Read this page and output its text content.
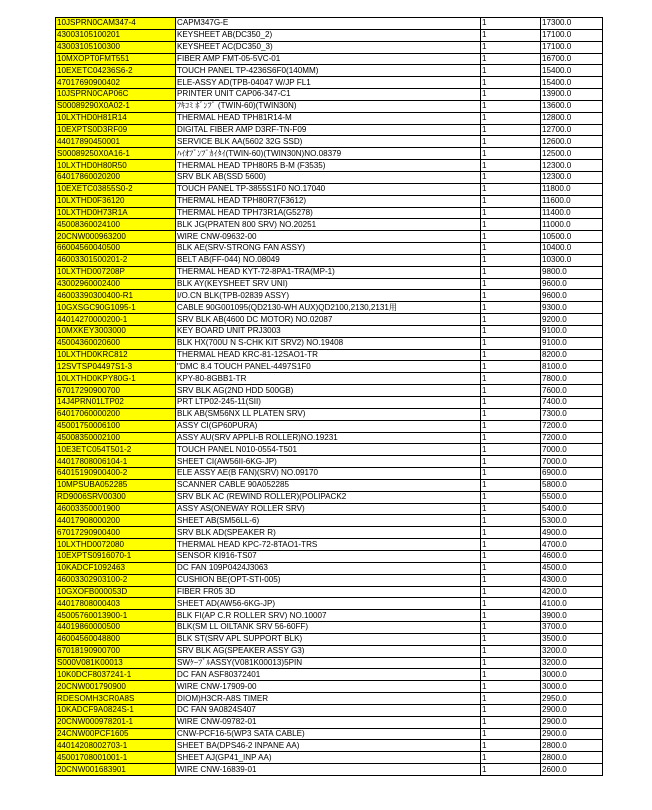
10JSPRN0CAM347-4	CAPM347G-E	1	17300.0
43003105100201	KEYSHEET AB(DC350_2)	1	17100.0
43003105100300	KEYSHEET AC(DC350_3)	1	17100.0
10MXOPT0FMT551	FIBER AMP FMT-05-5VC-01	1	16700.0
10EXETC04236S6-2	TOUCH PANEL TP-4236S6F0(140MM)	1	15400.0
47017690900402	ELE-ASSY AD(TPB-04047 W/JP FL1	1	15400.0
10JSPRN0CAP06C	PRINTER UNIT CAP06-347-C1	1	13900.0
S00089290X0A02-1	ﾌｷｺﾐ ﾎﾞﾝﾌﾟ (TWIN-60)(TWIN30N)	1	13600.0
10LXTHD0H81R14	THERMAL HEAD TPH81R14-M	1	12800.0
10EXPTS0D3RF09	DIGITAL FIBER AMP D3RF-TN-F09	1	12700.0
44017890450001	SERVICE BLK AA(5602 32G SSD)	1	12600.0
S00089250X0A16-1	ﾊｲｵﾌﾞﾝﾌﾟｶｲﾀｲ(TWIN-60)(TWIN30N)NO.08379	1	12500.0
10LXTHD0H80R50	THERMAL HEAD TPH80R5 B-M (F3535)	1	12300.0
64017860020200	SRV BLK AB(SSD 5600)	1	12300.0
10EXETC03855S0-2	TOUCH PANEL TP-3855S1F0 NO.17040	1	11800.0
10LXTHD0F36120	THERMAL HEAD TPH80R7(F3612)	1	11600.0
10LXTHD0H73R1A	THERMAL HEAD TPH73R1A(G5278)	1	11400.0
45008360024100	BLK JG(PRATEN 800 SRV) NO.20251	1	11000.0
20CNW000963200	WIRE CNW-09632-00	1	10500.0
66004560040500	BLK AE(SRV-STRONG FAN ASSY)	1	10400.0
46003301500201-2	BELT AB(FF-044) NO.08049	1	10300.0
10LXTHD007208P	THERMAL HEAD KYT-72-8PA1-TRA(MP-1)	1	9800.0
43002960002400	BLK AY(KEYSHEET SRV UNI)	1	9600.0
46003390300400-R1	I/O.CN BLK(TPB-02839 ASSY)	1	9600.0
10GXSGC90G1095-1	CABLE 90G001095(QD2130-WH AUX)QD2100,2130,2131用	1	9300.0
44014270000200-1	SRV BLK AB(4600 DC MOTOR) NO.02087	1	9200.0
10MXKEY3003000	KEY BOARD UNIT PRJ3003	1	9100.0
45004360020600	BLK HX(700U N S-CHK KIT SRV2) NO.19408	1	9100.0
10LXTHD0KRC812	THERMAL HEAD KRC-81-12SAO1-TR	1	8200.0
12SVTSP04497S1-3	"DMC 8.4 TOUCH PANEL-4497S1F0	1	8100.0
10LXTHD0KPY80G-1	KPY-80-8GBB1-TR	1	7800.0
67017290900700	SRV BLK AG(2ND HDD 500GB)	1	7600.0
14J4PRN01LTP02	PRT LTP02-245-11(SII)	1	7400.0
64017060000200	BLK AB(SM56NX LL PLATEN SRV)	1	7300.0
45001750006100	ASSY CI(GP60PURA)	1	7200.0
45008350002100	ASSY AU(SRV APPLI-B ROLLER)NO.19231	1	7200.0
10E3ETC054T501-2	TOUCH PANEL N010-0554-T501	1	7000.0
44017808006104-1	SHEET CI(AW56II-6KG-JP)	1	7000.0
64015190900400-2	ELE ASSY AE(B FAN)(SRV) NO.09170	1	6900.0
10MPSUBA052285	SCANNER CABLE 90A052285	1	5800.0
RD9006SRV00300	SRV BLK AC (REWIND ROLLER)(POLIPACK2	1	5500.0
46003350001900	ASSY AS(ONEWAY ROLLER SRV)	1	5400.0
44017908000200	SHEET AB(SM56LL-6)	1	5300.0
67017290900400	SRV BLK AD(SPEAKER R)	1	4900.0
10LXTHD0072080	THERMAL HEAD KPC-72-8TAO1-TRS	1	4700.0
10EXPTS0916070-1	SENSOR KI916-TS07	1	4600.0
10KADCF1092463	DC FAN 109P0424J3063	1	4500.0
46003302903100-2	CUSHION BE(OPT-STI-005)	1	4300.0
10GXOFB000053D	FIBER FR05 3D	1	4200.0
44017808000403	SHEET AD(AW56-6KG-JP)	1	4100.0
45005760013900-1	BLK FI(AP C.R ROLLER SRV) NO.10007	1	3900.0
44019860000500	BLK(SM LL OILTANK SRV 56-60FF)	1	3700.0
46004560048800	BLK ST(SRV APL SUPPORT BLK)	1	3500.0
67018190900700	SRV BLK AG(SPEAKER ASSY G3)	1	3200.0
S000V081K00013	SWｹｰﾌﾞﾙASSY(V081K00013)5PIN	1	3200.0
10K0DCF8037241-1	DC FAN ASF80372401	1	3000.0
20CNW001790900	WIRE CNW-17909-00	1	3000.0
RDESOMH3CR0A8S	DIOM)H3CR-A8S TIMER	1	2950.0
10KADCF9A0824S-1	DC FAN 9A0824S407	1	2900.0
20CNW000978201-1	WIRE CNW-09782-01	1	2900.0
24CNW00PCF1605	CNW-PCF16-5(WP3 SATA CABLE)	1	2900.0
44014208002703-1	SHEET BA(DPS46-2 INPANE AA)	1	2800.0
45001708001001-1	SHEET AJ(GP41_INP AA)	1	2800.0
20CNW001683901	WIRE CNW-16839-01	1	2600.0
